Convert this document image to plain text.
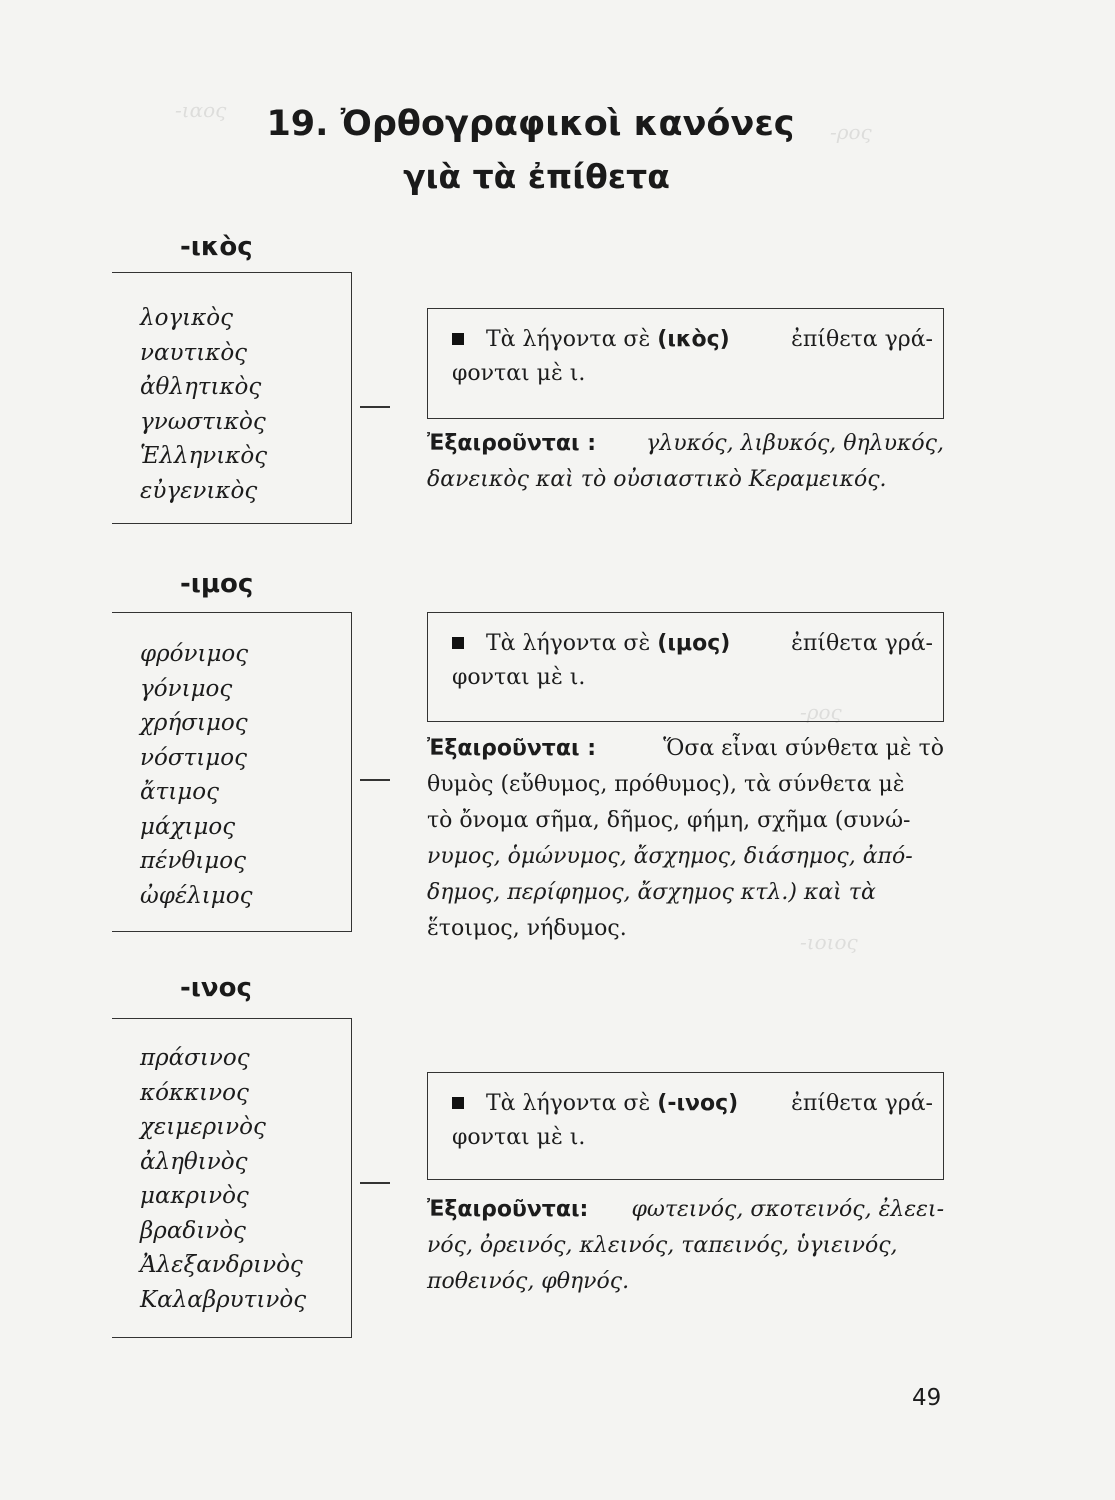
-ιαος
-ρος
-ρος
-ιοιος
19. Ὀρθογραφικοὶ κανόνες
γιὰ τὰ ἐπίθετα
-ικὸς
λογικὸς
ναυτικὸς
ἀθλητικὸς
γνωστικὸς
Ἑλληνικὸς
εὐγενικὸς
Τὰ λήγοντα σὲ (ικὸς)	ἐπίθετα γρά-
φονται μὲ ι.
Ἐξαιροῦνται : γλυκός, λιβυκός, θηλυκός,
δανεικὸς καὶ τὸ οὐσιαστικὸ Κεραμεικός.
-ιμος
φρόνιμος
γόνιμος
χρήσιμος
νόστιμος
ἄτιμος
μάχιμος
πένθιμος
ὠφέλιμος
Τὰ λήγοντα σὲ (ιμος)	ἐπίθετα γρά-
φονται μὲ ι.
Ἐξαιροῦνται :	Ὅσα εἶναι σύνθετα μὲ τὸ
θυμὸς (εὔθυμος, πρόθυμος), τὰ σύνθετα μὲ
τὸ ὄνομα σῆμα, δῆμος, φήμη, σχῆμα (συνώ-
νυμος, ὁμώνυμος, ἄσχημος, διάσημος, ἀπό-
δημος, περίφημος, ἄσχημος κτλ.) καὶ τὰ
ἕτοιμος, νήδυμος.
-ινος
πράσινος
κόκκινος
χειμερινὸς
ἀληθινὸς
μακρινὸς
βραδινὸς
Ἀλεξανδρινὸς
Καλαβρυτινὸς
Τὰ λήγοντα σὲ (-ινος) ἐπίθετα γρά-
φονται μὲ ι.
Ἐξαιροῦνται: φωτεινός, σκοτεινός, ἐλεει-
νός, ὀρεινός, κλεινός, ταπεινός, ὑγιεινός,
ποθεινός, φθηνός.
49
